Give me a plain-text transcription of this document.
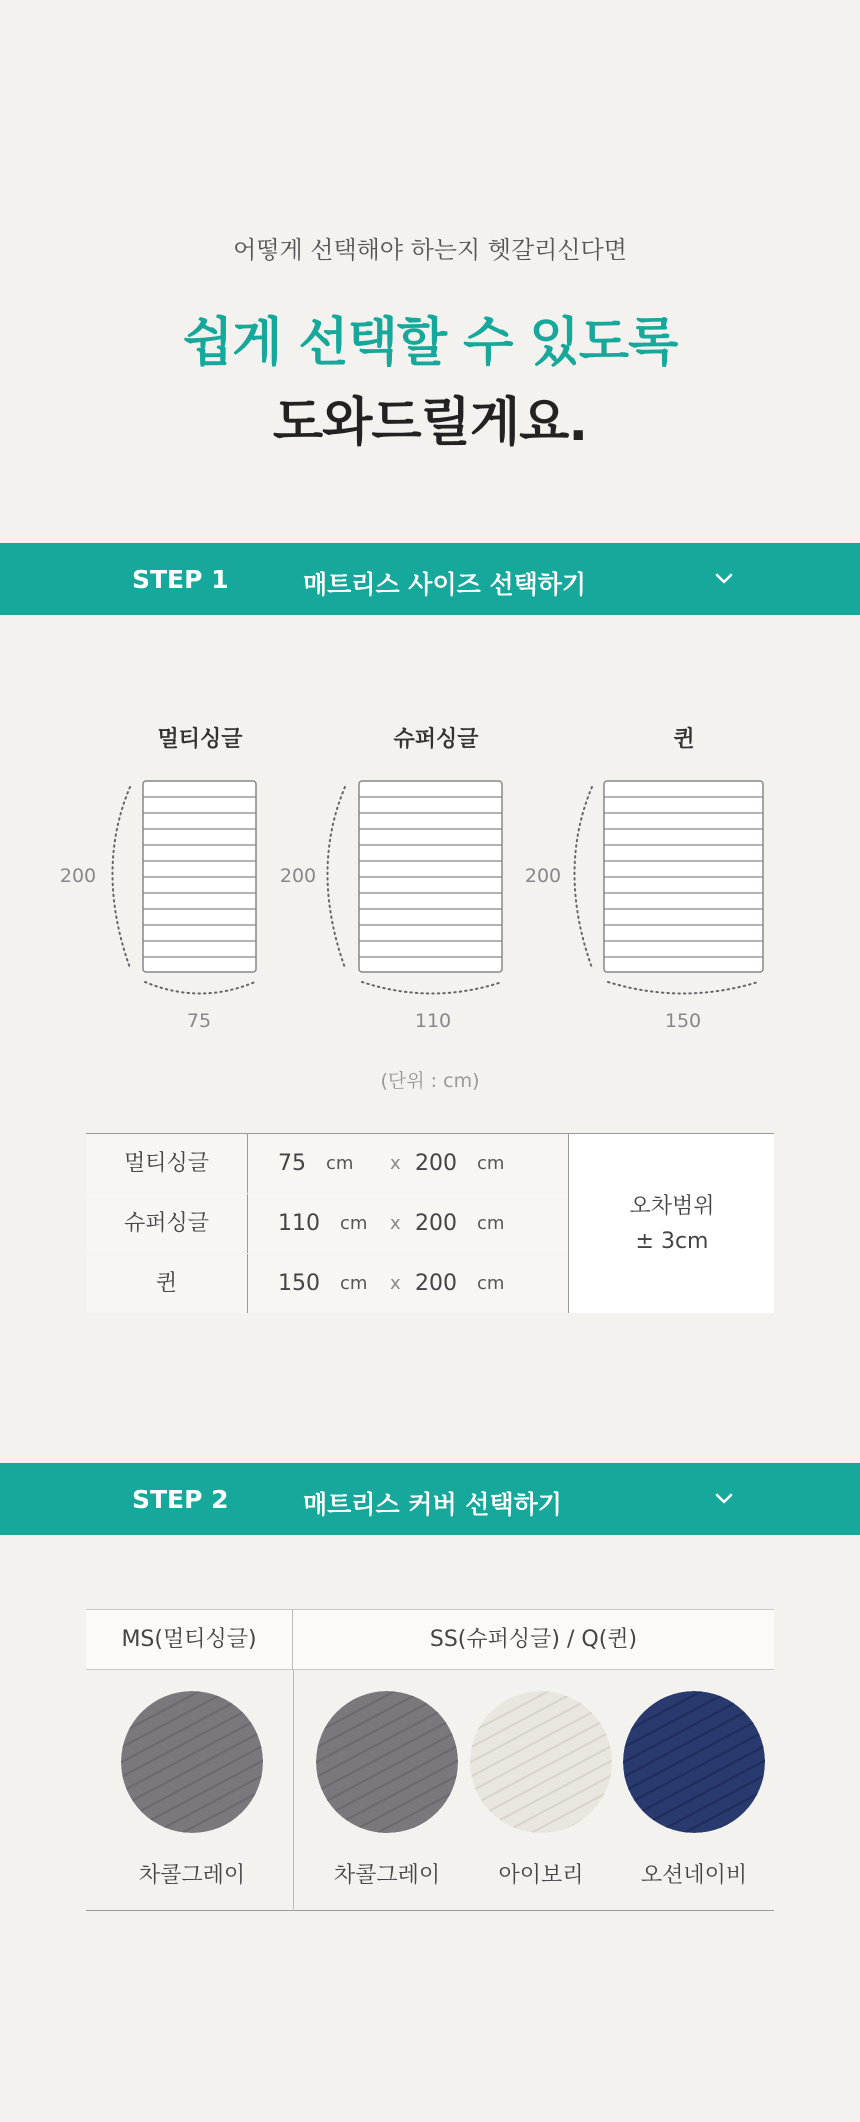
어떻게 선택해야 하는지 헷갈리신다면
쉽게 선택할 수 있도록
도와드릴게요.
STEP 1	매트리스 사이즈 선택하기
멀티싱글	슈퍼싱글	퀸
200	200	200
75	110	150
(단위 : cm)
멀티싱글	75 cm x 200 cm
슈퍼싱글	110 cm x 200 cm
퀸	150 cm x 200 cm
오차범위
± 3cm
STEP 2	매트리스 커버 선택하기
MS(멀티싱글)	SS(슈퍼싱글) / Q(퀸)
차콜그레이	차콜그레이	아이보리	오션네이비
